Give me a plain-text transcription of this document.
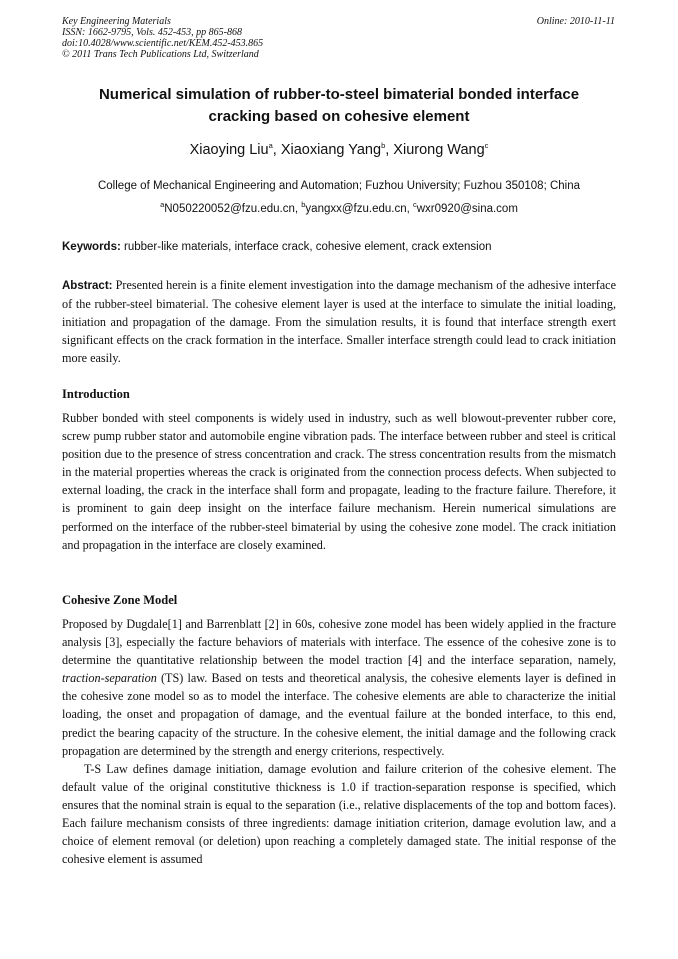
Key Engineering Materials
ISSN: 1662-9795, Vols. 452-453, pp 865-868
doi:10.4028/www.scientific.net/KEM.452-453.865
© 2011 Trans Tech Publications Ltd, Switzerland
Online: 2010-11-11
Numerical simulation of rubber-to-steel bimaterial bonded interface
cracking based on cohesive element
Xiaoying Liu$^a$, Xiaoxiang Yang$^b$, Xiurong Wang$^c$
College of Mechanical Engineering and Automation; Fuzhou University; Fuzhou 350108; China
$^a$N050220052@fzu.edu.cn, $^b$yangxx@fzu.edu.cn, $^c$wxr0920@sina.com
Keywords: rubber-like materials, interface crack, cohesive element, crack extension
Abstract: Presented herein is a finite element investigation into the damage mechanism of the adhesive interface of the rubber-steel bimaterial. The cohesive element layer is used at the interface to simulate the initial loading, initiation and propagation of the damage. From the simulation results, it is found that interface strength exert significant effects on the crack formation in the interface. Smaller interface strength could lead to crack initiation more easily.
Introduction
Rubber bonded with steel components is widely used in industry, such as well blowout-preventer rubber core, screw pump rubber stator and automobile engine vibration pads. The interface between rubber and steel is critical position due to the presence of stress concentration and crack. The stress concentration results from the mismatch in the material properties whereas the crack is originated from the connection process defects. When subjected to external loading, the crack in the interface shall form and propagate, leading to the fracture failure. Therefore, it is prominent to gain deep insight on the interface failure mechanism. Herein numerical simulations are performed on the interface of the rubber-steel bimaterial by using the cohesive zone model. The crack initiation and propagation in the interface are closely examined.
Cohesive Zone Model

Proposed by Dugdale[1] and Barrenblatt [2] in 60s, cohesive zone model has been widely applied in the fracture analysis [3], especially the facture behaviors of materials with interface. The essence of the cohesive zone is to determine the quantitative relationship between the model traction [4] and the interface separation, namely, traction-separation (TS) law. Based on tests and theoretical analysis, the cohesive elements layer is defined in the cohesive zone model so as to model the interface. The cohesive elements are able to characterize the initial loading, the onset and propagation of damage, and the eventual failure at the bonded interface, to this end, predict the bearing capacity of the structure. In the cohesive element, the initial damage and the following crack propagation are determined by the strength and energy criterions, respectively.

T-S Law defines damage initiation, damage evolution and failure criterion of the cohesive element. The default value of the original constitutive thickness is 1.0 if traction-separation response is specified, which ensures that the nominal strain is equal to the separation (i.e., relative displacements of the top and bottom faces). Each failure mechanism consists of three ingredients: damage initiation criterion, damage evolution law, and a choice of element removal (or deletion) upon reaching a completely damaged state. The initial response of the cohesive element is assumed
